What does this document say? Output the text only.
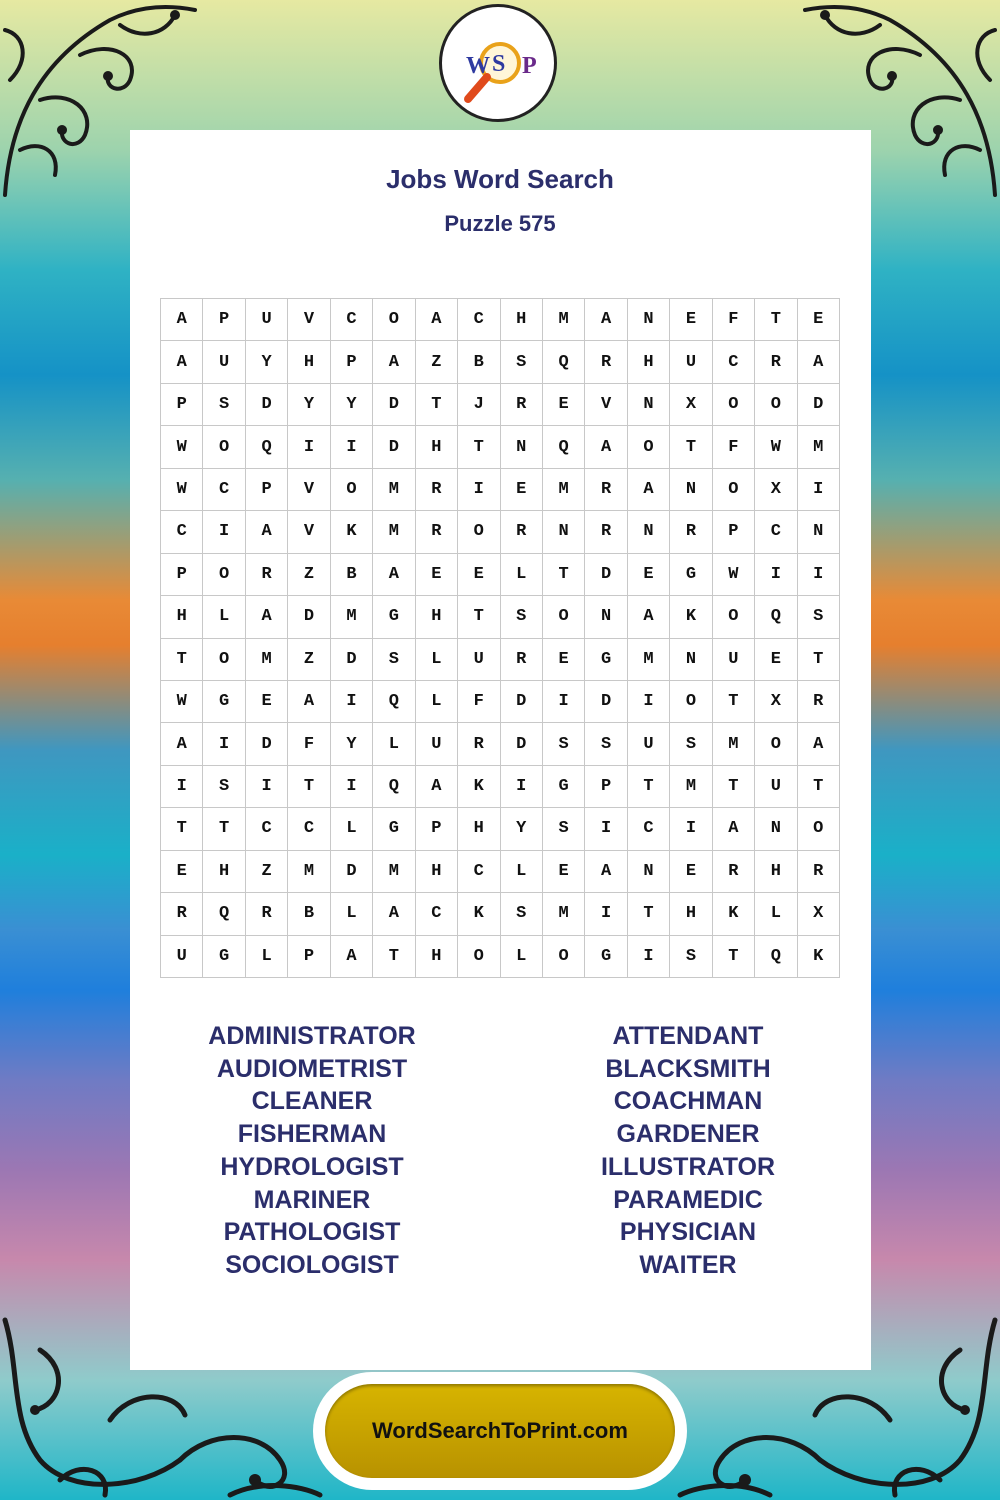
W S P
Jobs Word Search
Puzzle 575
A	P	U	V	C	O	A	C	H	M	A	N	E	F	T	E
A	U	Y	H	P	A	Z	B	S	Q	R	H	U	C	R	A
P	S	D	Y	Y	D	T	J	R	E	V	N	X	O	O	D
W	O	Q	I	I	D	H	T	N	Q	A	O	T	F	W	M
W	C	P	V	O	M	R	I	E	M	R	A	N	O	X	I
C	I	A	V	K	M	R	O	R	N	R	N	R	P	C	N
P	O	R	Z	B	A	E	E	L	T	D	E	G	W	I	I
H	L	A	D	M	G	H	T	S	O	N	A	K	O	Q	S
T	O	M	Z	D	S	L	U	R	E	G	M	N	U	E	T
W	G	E	A	I	Q	L	F	D	I	D	I	O	T	X	R
A	I	D	F	Y	L	U	R	D	S	S	U	S	M	O	A
I	S	I	T	I	Q	A	K	I	G	P	T	M	T	U	T
T	T	C	C	L	G	P	H	Y	S	I	C	I	A	N	O
E	H	Z	M	D	M	H	C	L	E	A	N	E	R	H	R
R	Q	R	B	L	A	C	K	S	M	I	T	H	K	L	X
U	G	L	P	A	T	H	O	L	O	G	I	S	T	Q	K
ADMINISTRATOR
AUDIOMETRIST
CLEANER
FISHERMAN
HYDROLOGIST
MARINER
PATHOLOGIST
SOCIOLOGIST
ATTENDANT
BLACKSMITH
COACHMAN
GARDENER
ILLUSTRATOR
PARAMEDIC
PHYSICIAN
WAITER
WordSearchToPrint.com
